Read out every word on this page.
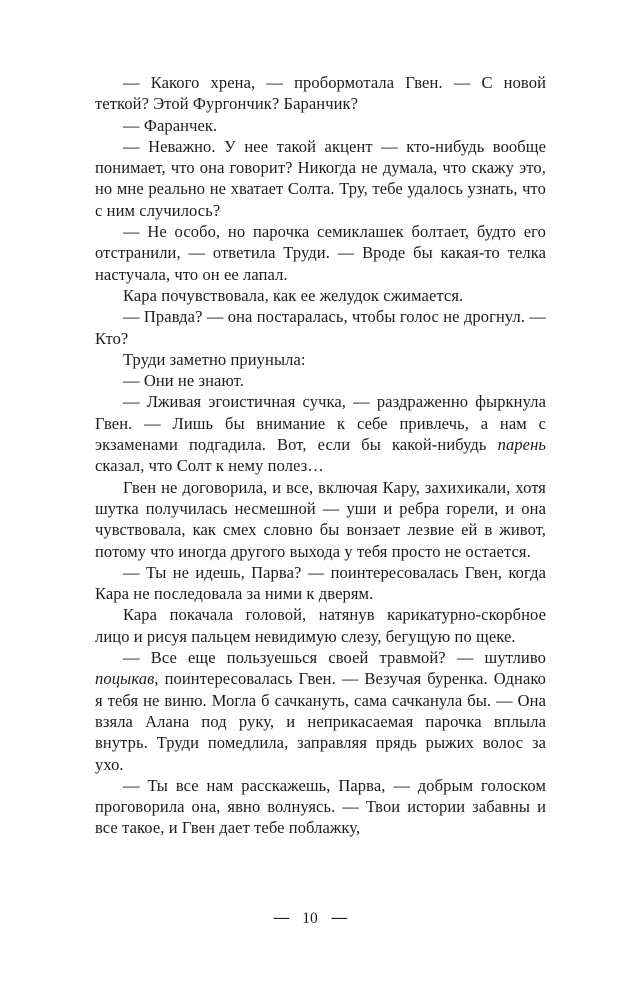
— Какого хрена, — пробормотала Гвен. — С новой теткой? Этой Фургончик? Баранчик?

— Фаранчек.

— Неважно. У нее такой акцент — кто-нибудь вообще понимает, что она говорит? Никогда не думала, что скажу это, но мне реально не хватает Солта. Тру, тебе удалось узнать, что с ним случилось?

— Не особо, но парочка семиклашек болтает, будто его отстранили, — ответила Труди. — Вроде бы какая-то телка настучала, что он ее лапал.

Кара почувствовала, как ее желудок сжимается.

— Правда? — она постаралась, чтобы голос не дрогнул. — Кто?

Труди заметно приуныла:

— Они не знают.

— Лживая эгоистичная сучка, — раздраженно фыркнула Гвен. — Лишь бы внимание к себе привлечь, а нам с экзаменами подгадила. Вот, если бы какой-нибудь парень сказал, что Солт к нему полез…

Гвен не договорила, и все, включая Кару, захихикали, хотя шутка получилась несмешной — уши и ребра горели, и она чувствовала, как смех словно бы вонзает лезвие ей в живот, потому что иногда другого выхода у тебя просто не остается.

— Ты не идешь, Парва? — поинтересовалась Гвен, когда Кара не последовала за ними к дверям.

Кара покачала головой, натянув карикатурно-скорбное лицо и рисуя пальцем невидимую слезу, бегущую по щеке.

— Все еще пользуешься своей травмой? — шутливо поцыкав, поинтересовалась Гвен. — Везучая буренка. Однако я тебя не виню. Могла б сачкануть, сама сачканула бы. — Она взяла Алана под руку, и неприкасаемая парочка вплыла внутрь. Труди помедлила, заправляя прядь рыжих волос за ухо.

— Ты все нам расскажешь, Парва, — добрым голоском проговорила она, явно волнуясь. — Твои истории забавны и все такое, и Гвен дает тебе поблажку,

— 10 —
